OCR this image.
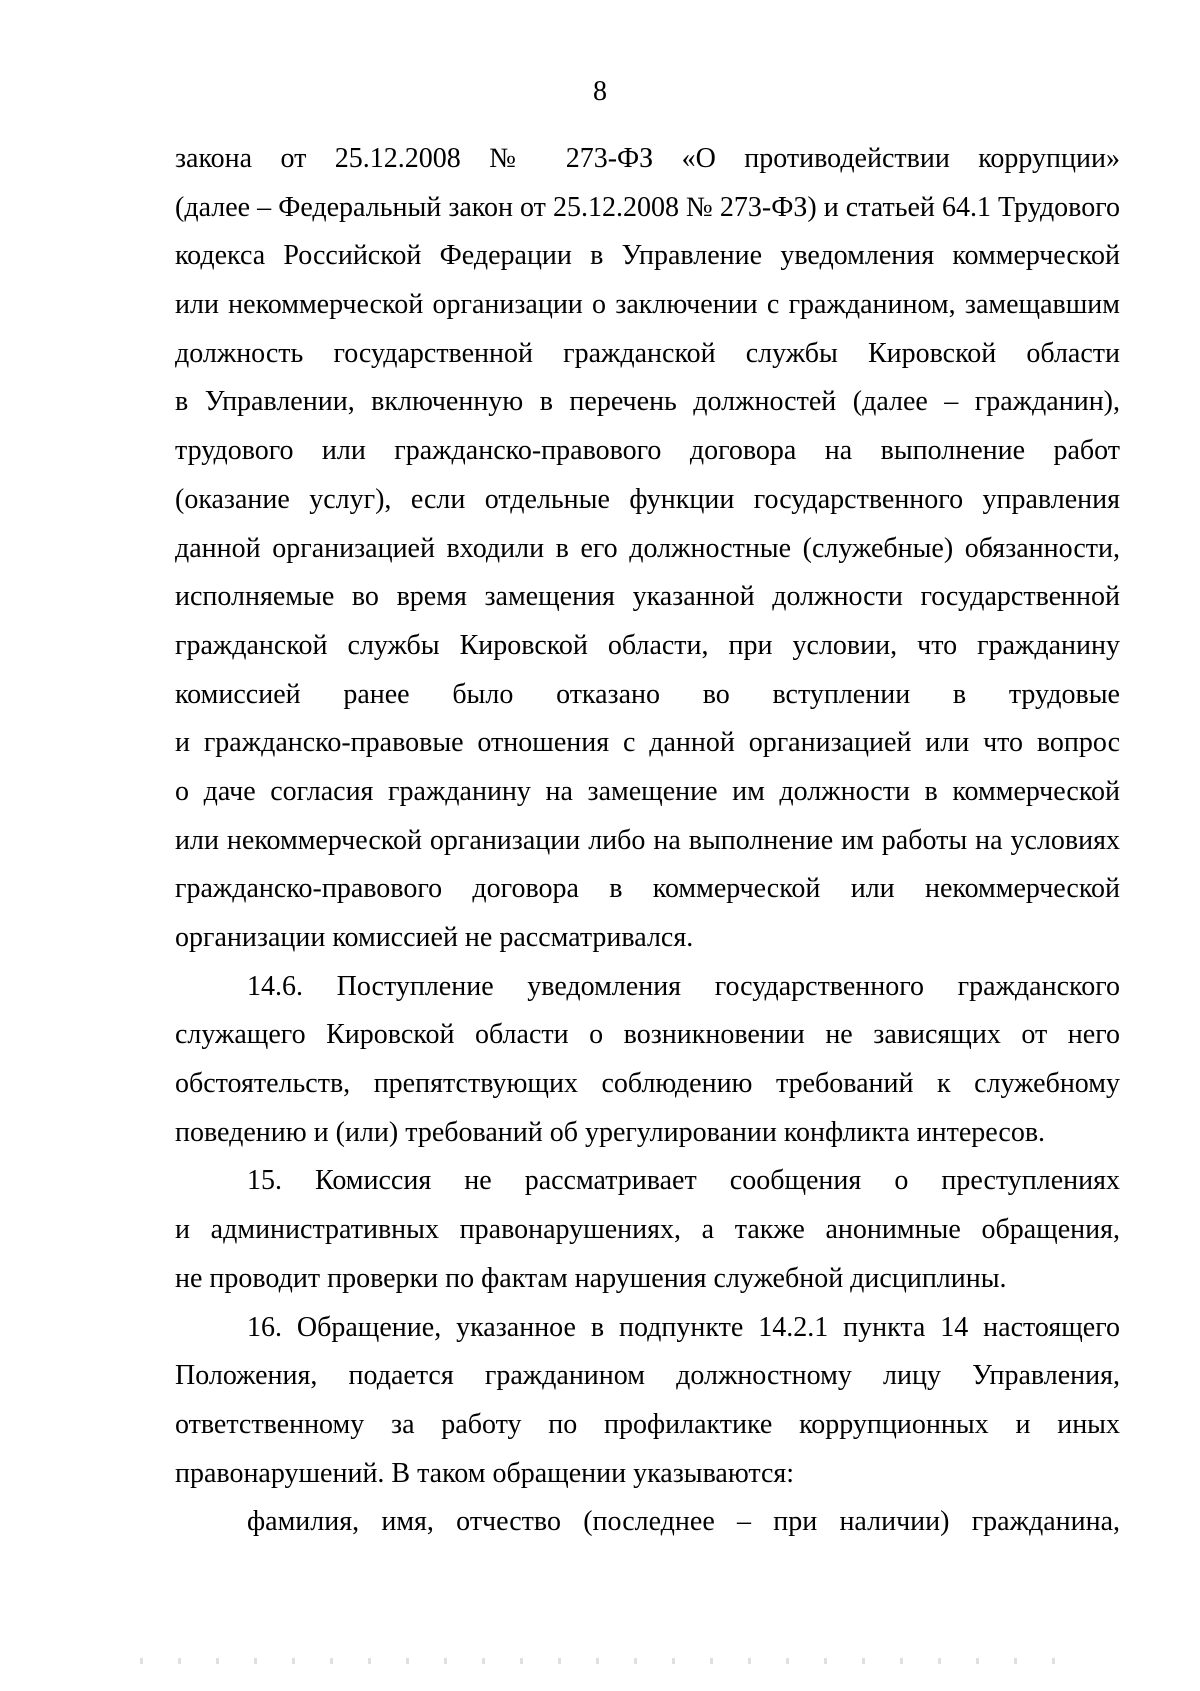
8
закона от 25.12.2008 № 273-ФЗ «О противодействии коррупции»
(далее – Федеральный закон от 25.12.2008 № 273-ФЗ) и статьей 64.1 Трудового
кодекса Российской Федерации в Управление уведомления коммерческой
или некоммерческой организации о заключении с гражданином, замещавшим
должность государственной гражданской службы Кировской области
в Управлении, включенную в перечень должностей (далее – гражданин),
трудового или гражданско-правового договора на выполнение работ
(оказание услуг), если отдельные функции государственного управления
данной организацией входили в его должностные (служебные) обязанности,
исполняемые во время замещения указанной должности государственной
гражданской службы Кировской области, при условии, что гражданину
комиссией ранее было отказано во вступлении в трудовые
и гражданско-правовые отношения с данной организацией или что вопрос
о даче согласия гражданину на замещение им должности в коммерческой
или некоммерческой организации либо на выполнение им работы на условиях
гражданско-правового договора в коммерческой или некоммерческой
организации комиссией не рассматривался.
14.6. Поступление уведомления государственного гражданского
служащего Кировской области о возникновении не зависящих от него
обстоятельств, препятствующих соблюдению требований к служебному
поведению и (или) требований об урегулировании конфликта интересов.
15. Комиссия не рассматривает сообщения о преступлениях
и административных правонарушениях, а также анонимные обращения,
не проводит проверки по фактам нарушения служебной дисциплины.
16. Обращение, указанное в подпункте 14.2.1 пункта 14 настоящего
Положения, подается гражданином должностному лицу Управления,
ответственному за работу по профилактике коррупционных и иных
правонарушений. В таком обращении указываются:
фамилия, имя, отчество (последнее – при наличии) гражданина,
